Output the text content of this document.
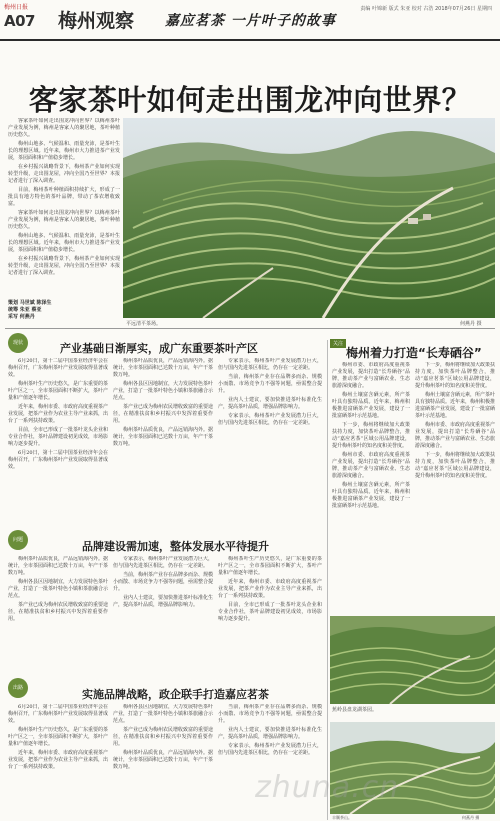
梅州日报
A07 梅州观察 嘉应茗茶 一片叶子的故事
责编 叶锦新 版式 朱亚 校对 古浩 2018年07月26日 星期四
客家茶叶如何走出围龙冲向世界？

客家茶叶如何走出围龙冲向世界？以梅州茶叶产业发展为例，梅州是客家人的聚居地，茶叶种植历史悠久。

梅州山地多、气候温和、雨量充沛，是茶叶生长的理想区域。近年来，梅州市大力推进茶产业发展，茶园面积和产值稳步增长。

在乡村振兴战略背景下，梅州茶产业如何实现转型升级，走出围龙屋，冲向全国乃至世界？本报记者进行了深入调查。

目前，梅州茶叶种植面积持续扩大，形成了一批具有地方特色的茶叶品牌，带动了茶农增收致富。

客家茶叶如何走出围龙冲向世界？以梅州茶叶产业发展为例，梅州是客家人的聚居地，茶叶种植历史悠久。

梅州山地多、气候温和、雨量充沛，是茶叶生长的理想区域。近年来，梅州市大力推进茶产业发展，茶园面积和产值稳步增长。

在乡村振兴战略背景下，梅州茶产业如何实现转型升级，走出围龙屋，冲向全国乃至世界？本报记者进行了深入调查。

策划 马世斌 陈泽生
统筹 朱亚 蔡亚
采写 何燕丹
平远清平茶场。	何燕丹 摄
现状	产业基础日渐厚实，成广东重要茶叶产区

6月20日，第十二届中国茶业经济年会在梅州召开，广东梅州茶叶产业发展取得显著成效。

梅州茶叶生产历史悠久，是广东重要的茶叶产区之一，全市茶园面积不断扩大，茶叶产量和产值逐年增长。

近年来，梅州市委、市政府高度重视茶产业发展，把茶产业作为农业主导产业来抓，出台了一系列扶持政策。

目前，全市已形成了一批茶叶龙头企业和专业合作社，茶叶品牌建设初见成效，市场影响力逐步提升。

6月20日，第十二届中国茶业经济年会在梅州召开，广东梅州茶叶产业发展取得显著成效。

梅州茶叶品质优良，产品远销海内外。据统计，全市茶园面积已达数十万亩，年产干茶数万吨。

梅州各县区因地制宜，大力发展特色茶叶产业，打造了一批茶叶特色小镇和茶旅融合示范点。

茶产业已成为梅州农民增收致富的重要途径，在精准扶贫和乡村振兴中发挥着重要作用。

梅州茶叶品质优良，产品远销海内外。据统计，全市茶园面积已达数十万亩，年产干茶数万吨。

专家表示，梅州茶叶产业发展潜力巨大，但与国内先进茶区相比，仍存在一定差距。

当前，梅州茶产业存在品牌多而杂、规模小而散、市场竞争力不强等问题，亟需整合提升。

业内人士建议，要加快推进茶叶标准化生产，提高茶叶品质，增强品牌影响力。

专家表示，梅州茶叶产业发展潜力巨大，但与国内先进茶区相比，仍存在一定差距。

问题	品牌建设需加速，整体发展水平待提升

梅州茶叶品质优良，产品远销海内外。据统计，全市茶园面积已达数十万亩，年产干茶数万吨。

梅州各县区因地制宜，大力发展特色茶叶产业，打造了一批茶叶特色小镇和茶旅融合示范点。

茶产业已成为梅州农民增收致富的重要途径，在精准扶贫和乡村振兴中发挥着重要作用。

专家表示，梅州茶叶产业发展潜力巨大，但与国内先进茶区相比，仍存在一定差距。

当前，梅州茶产业存在品牌多而杂、规模小而散、市场竞争力不强等问题，亟需整合提升。

业内人士建议，要加快推进茶叶标准化生产，提高茶叶品质，增强品牌影响力。

梅州茶叶生产历史悠久，是广东重要的茶叶产区之一，全市茶园面积不断扩大，茶叶产量和产值逐年增长。

近年来，梅州市委、市政府高度重视茶产业发展，把茶产业作为农业主导产业来抓，出台了一系列扶持政策。

目前，全市已形成了一批茶叶龙头企业和专业合作社，茶叶品牌建设初见成效，市场影响力逐步提升。

出路	实施品牌战略，政企联手打造嘉应茗茶

6月20日，第十二届中国茶业经济年会在梅州召开，广东梅州茶叶产业发展取得显著成效。

梅州茶叶生产历史悠久，是广东重要的茶叶产区之一，全市茶园面积不断扩大，茶叶产量和产值逐年增长。

近年来，梅州市委、市政府高度重视茶产业发展，把茶产业作为农业主导产业来抓，出台了一系列扶持政策。

梅州各县区因地制宜，大力发展特色茶叶产业，打造了一批茶叶特色小镇和茶旅融合示范点。

茶产业已成为梅州农民增收致富的重要途径，在精准扶贫和乡村振兴中发挥着重要作用。

梅州茶叶品质优良，产品远销海内外。据统计，全市茶园面积已达数十万亩，年产干茶数万吨。

当前，梅州茶产业存在品牌多而杂、规模小而散、市场竞争力不强等问题，亟需整合提升。

业内人士建议，要加快推进茶叶标准化生产，提高茶叶品质，增强品牌影响力。

专家表示，梅州茶叶产业发展潜力巨大，但与国内先进茶区相比，仍存在一定差距。

关注
梅州着力打造“长寿硒谷”

梅州市委、市政府高度重视茶产业发展，提出打造“长寿硒谷”品牌，推动茶产业与富硒农业、生态旅游深度融合。

梅州土壤富含硒元素，所产茶叶具有独特品质。近年来，梅州积极推进富硒茶产业发展，建设了一批富硒茶叶示范基地。

下一步，梅州将继续加大政策扶持力度，加快茶叶品牌整合，推动“嘉应茗茶”区域公用品牌建设，提升梅州茶叶的知名度和美誉度。

梅州市委、市政府高度重视茶产业发展，提出打造“长寿硒谷”品牌，推动茶产业与富硒农业、生态旅游深度融合。

梅州土壤富含硒元素，所产茶叶具有独特品质。近年来，梅州积极推进富硒茶产业发展，建设了一批富硒茶叶示范基地。

下一步，梅州将继续加大政策扶持力度，加快茶叶品牌整合，推动“嘉应茗茶”区域公用品牌建设，提升梅州茶叶的知名度和美誉度。

梅州土壤富含硒元素，所产茶叶具有独特品质。近年来，梅州积极推进富硒茶产业发展，建设了一批富硒茶叶示范基地。

梅州市委、市政府高度重视茶产业发展，提出打造“长寿硒谷”品牌，推动茶产业与富硒农业、生态旅游深度融合。

下一步，梅州将继续加大政策扶持力度，加快茶叶品牌整合，推动“嘉应茗茶”区域公用品牌建设，提升梅州茶叶的知名度和美誉度。

蕉岭县盘龙湖茶园。
丰顺茶山。	何燕丹 摄
zhuna.cn
